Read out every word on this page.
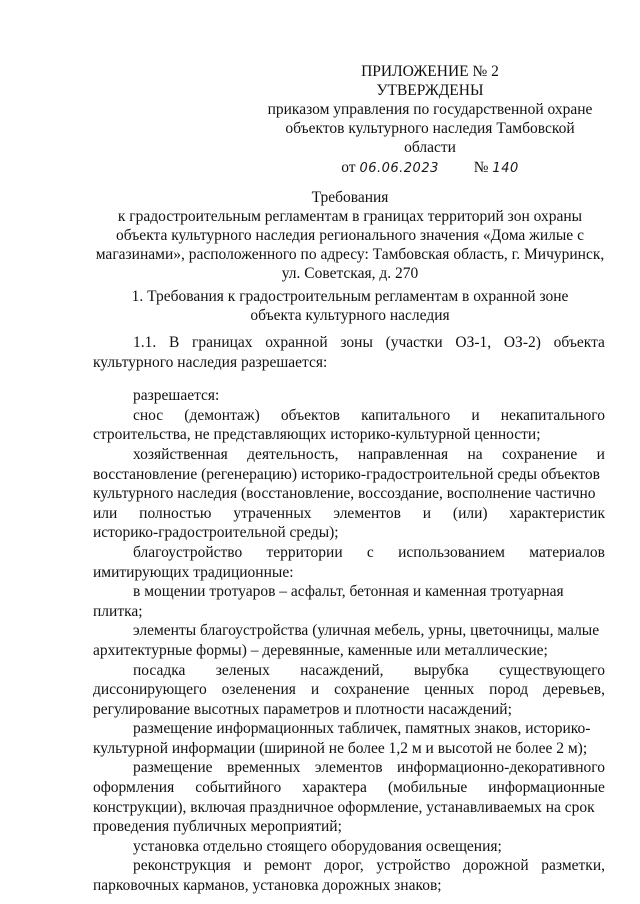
ПРИЛОЖЕНИЕ № 2
УТВЕРЖДЕНЫ
приказом управления по государственной охране
объектов культурного наследия Тамбовской
области
от 06.06.2023 № 140
Требования
к градостроительным регламентам в границах территорий зон охраны
объекта культурного наследия регионального значения «Дома жилые с
магазинами», расположенного по адресу: Тамбовская область, г. Мичуринск,
ул. Советская, д. 270
1. Требования к градостроительным регламентам в охранной зоне
объекта культурного наследия
1.1. В границах охранной зоны (участки ОЗ-1, ОЗ-2) объекта
культурного наследия разрешается:
разрешается:
снос (демонтаж) объектов капитального и некапитального
строительства, не представляющих историко-культурной ценности;
хозяйственная деятельность, направленная на сохранение и
восстановление (регенерацию) историко-градостроительной среды объектов
культурного наследия (восстановление, воссоздание, восполнение частично
или полностью утраченных элементов и (или) характеристик
историко-градостроительной среды);
благоустройство территории с использованием материалов
имитирующих традиционные:
в мощении тротуаров – асфальт, бетонная и каменная тротуарная
плитка;
элементы благоустройства (уличная мебель, урны, цветочницы, малые
архитектурные формы) – деревянные, каменные или металлические;
посадка зеленых насаждений, вырубка существующего
диссонирующего озеленения и сохранение ценных пород деревьев,
регулирование высотных параметров и плотности насаждений;
размещение информационных табличек, памятных знаков, историко-
культурной информации (шириной не более 1,2 м и высотой не более 2 м);
размещение временных элементов информационно-декоративного
оформления событийного характера (мобильные информационные
конструкции), включая праздничное оформление, устанавливаемых на срок
проведения публичных мероприятий;
установка отдельно стоящего оборудования освещения;
реконструкция и ремонт дорог, устройство дорожной разметки,
парковочных карманов, установка дорожных знаков;
